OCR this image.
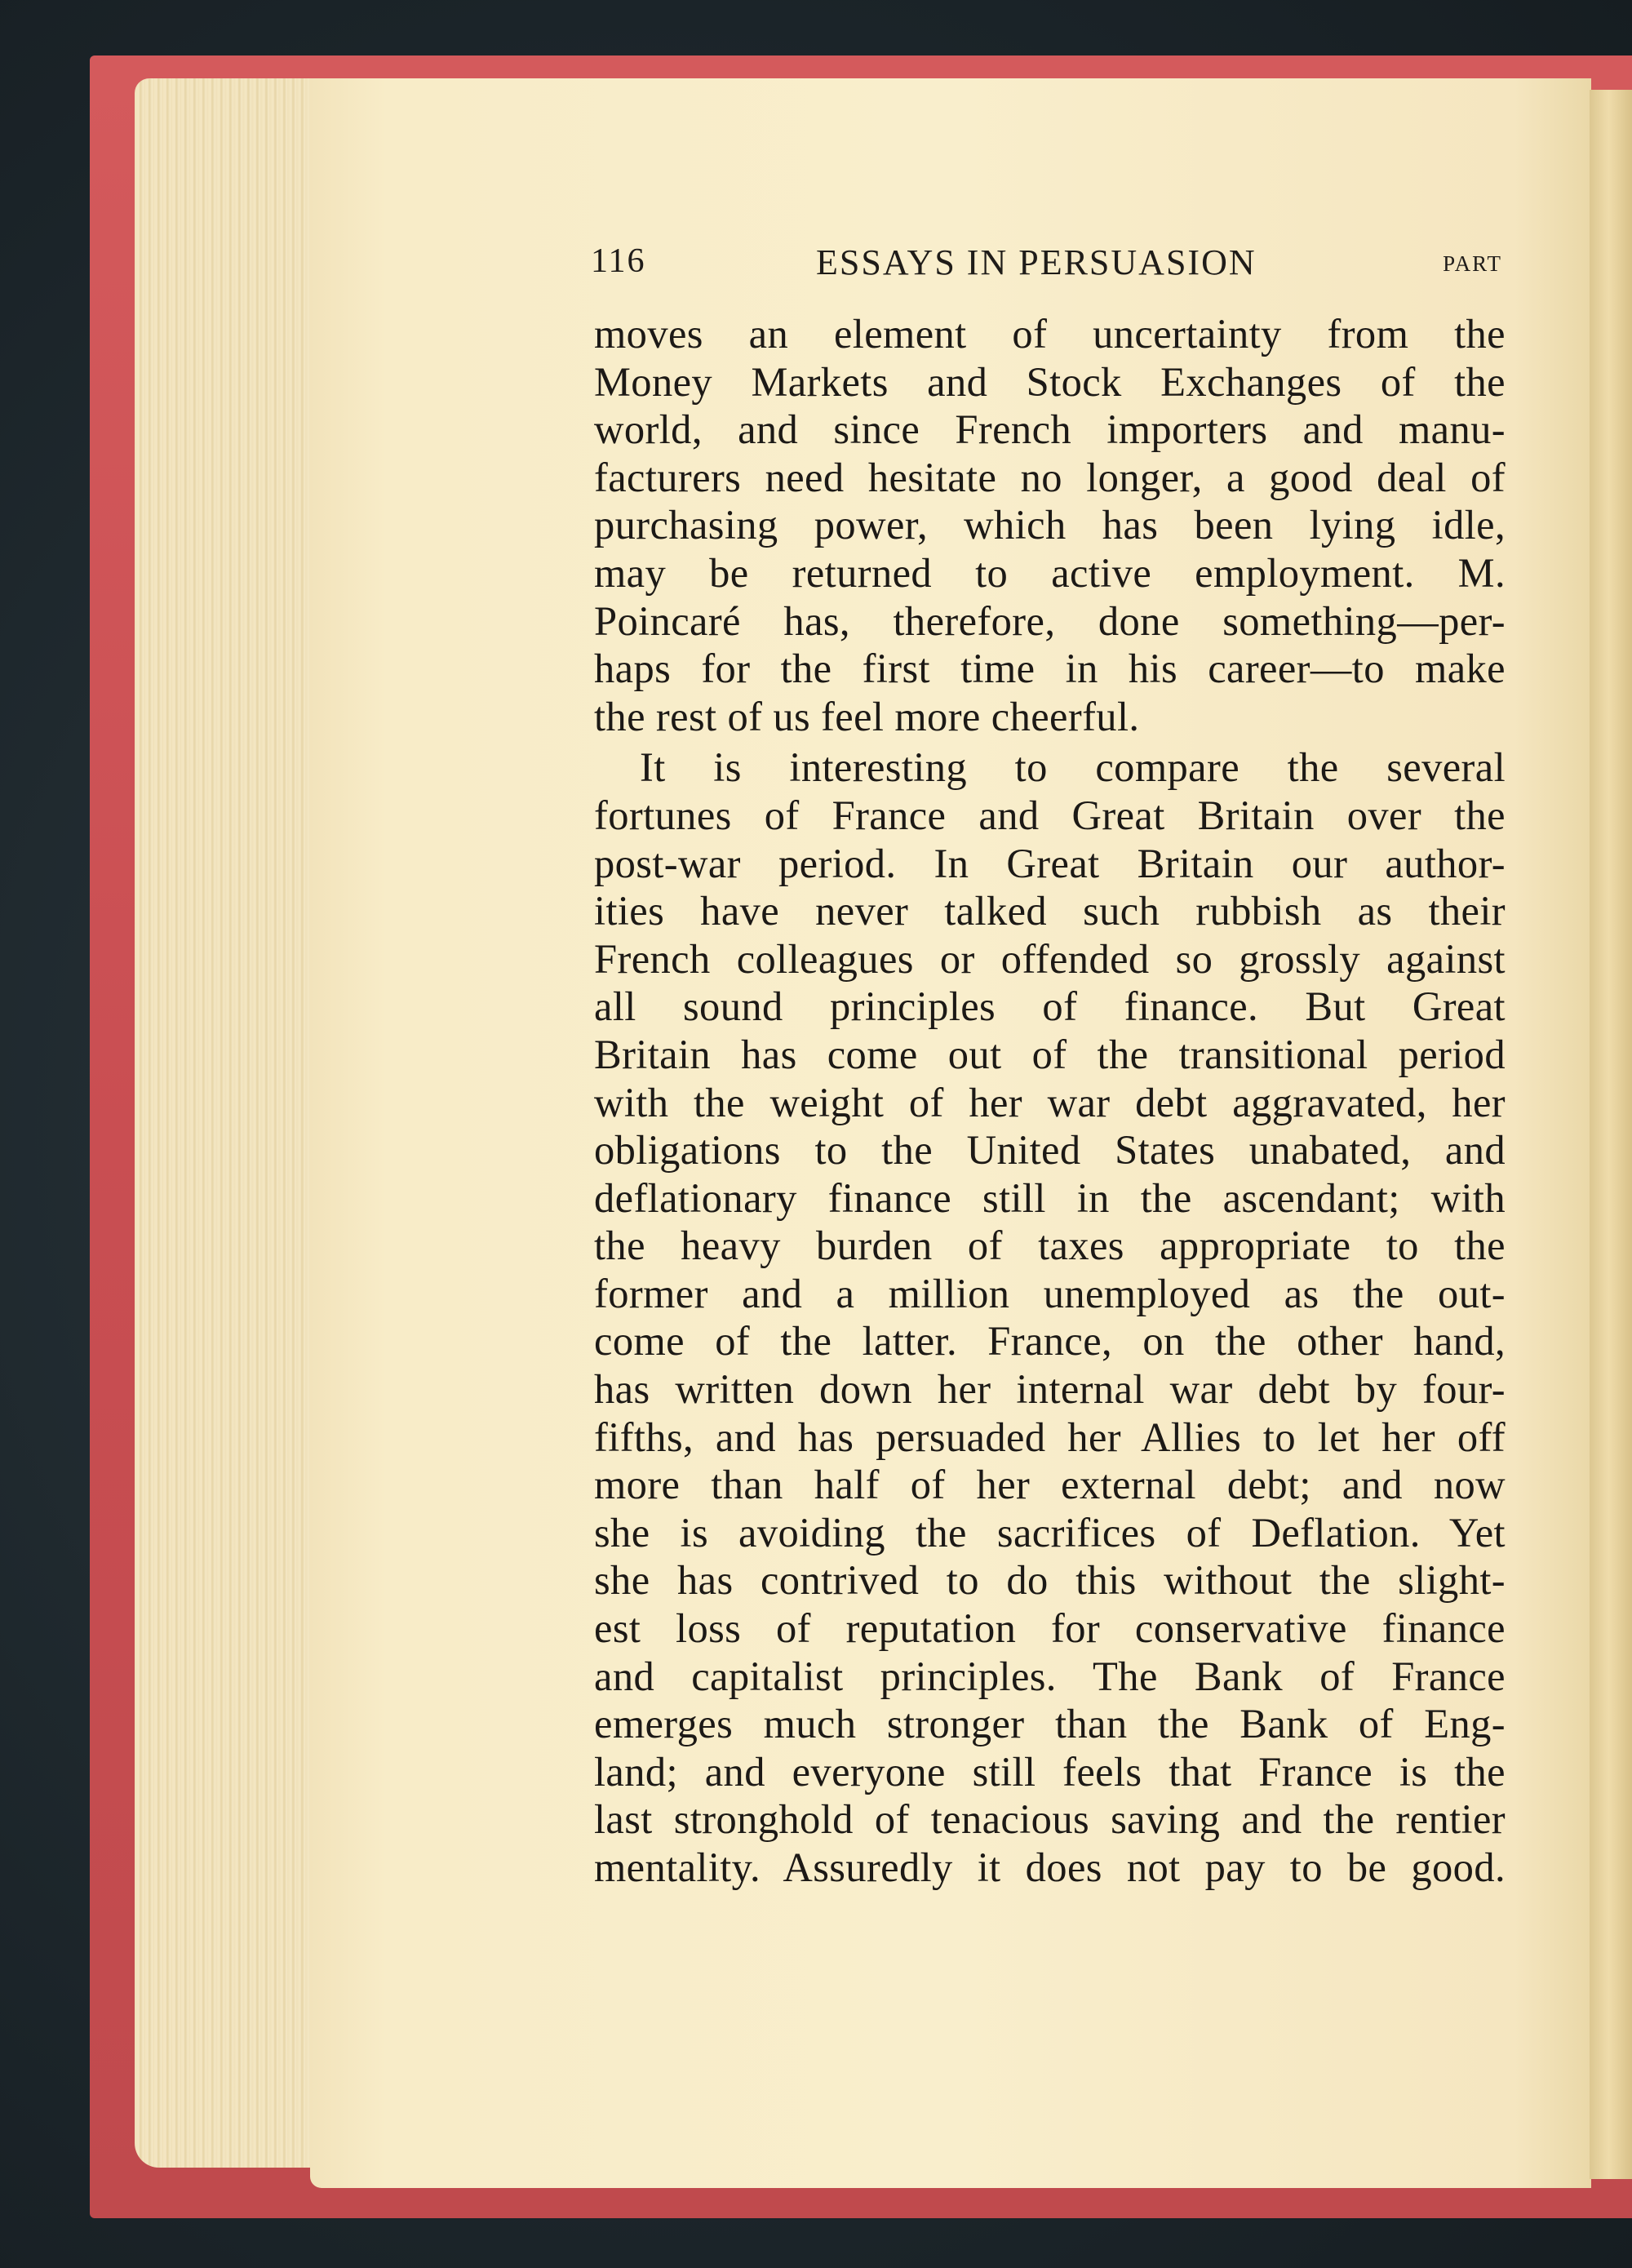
116	ESSAYS IN PERSUASION	PART
moves an element of uncertainty from the
Money Markets and Stock Exchanges of the
world, and since French importers and manu-
facturers need hesitate no longer, a good deal of
purchasing power, which has been lying idle,
may be returned to active employment. M.
Poincaré has, therefore, done something—per-
haps for the first time in his career—to make
the rest of us feel more cheerful.
It is interesting to compare the several
fortunes of France and Great Britain over the
post-war period. In Great Britain our author-
ities have never talked such rubbish as their
French colleagues or offended so grossly against
all sound principles of finance. But Great
Britain has come out of the transitional period
with the weight of her war debt aggravated, her
obligations to the United States unabated, and
deflationary finance still in the ascendant; with
the heavy burden of taxes appropriate to the
former and a million unemployed as the out-
come of the latter. France, on the other hand,
has written down her internal war debt by four-
fifths, and has persuaded her Allies to let her off
more than half of her external debt; and now
she is avoiding the sacrifices of Deflation. Yet
she has contrived to do this without the slight-
est loss of reputation for conservative finance
and capitalist principles. The Bank of France
emerges much stronger than the Bank of Eng-
land; and everyone still feels that France is the
last stronghold of tenacious saving and the rentier
mentality. Assuredly it does not pay to be good.
